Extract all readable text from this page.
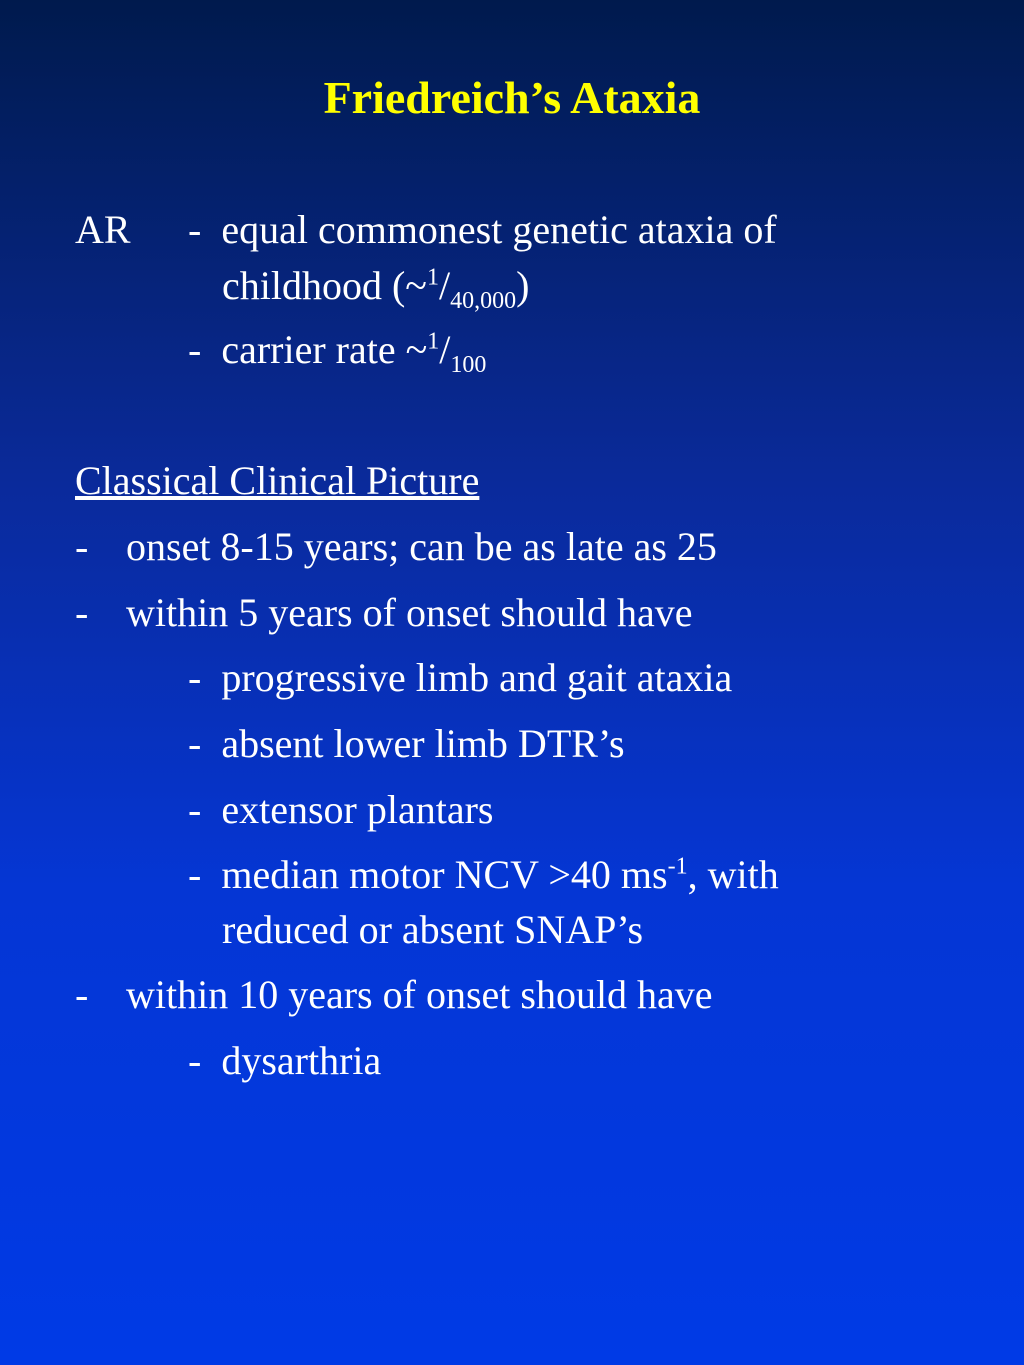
Friedreich’s Ataxia
AR - equal commonest genetic ataxia of
childhood $(\sim^1/_{40,000})$
- carrier rate $\sim^1/_{100}$
Classical Clinical Picture
- onset 8-15 years; can be as late as 25
- within 5 years of onset should have
- progressive limb and gait ataxia
- absent lower limb DTR’s
- extensor plantars
- median motor NCV >40 $ms^{-1}$, with
reduced or absent SNAP’s
- within 10 years of onset should have
- dysarthria
